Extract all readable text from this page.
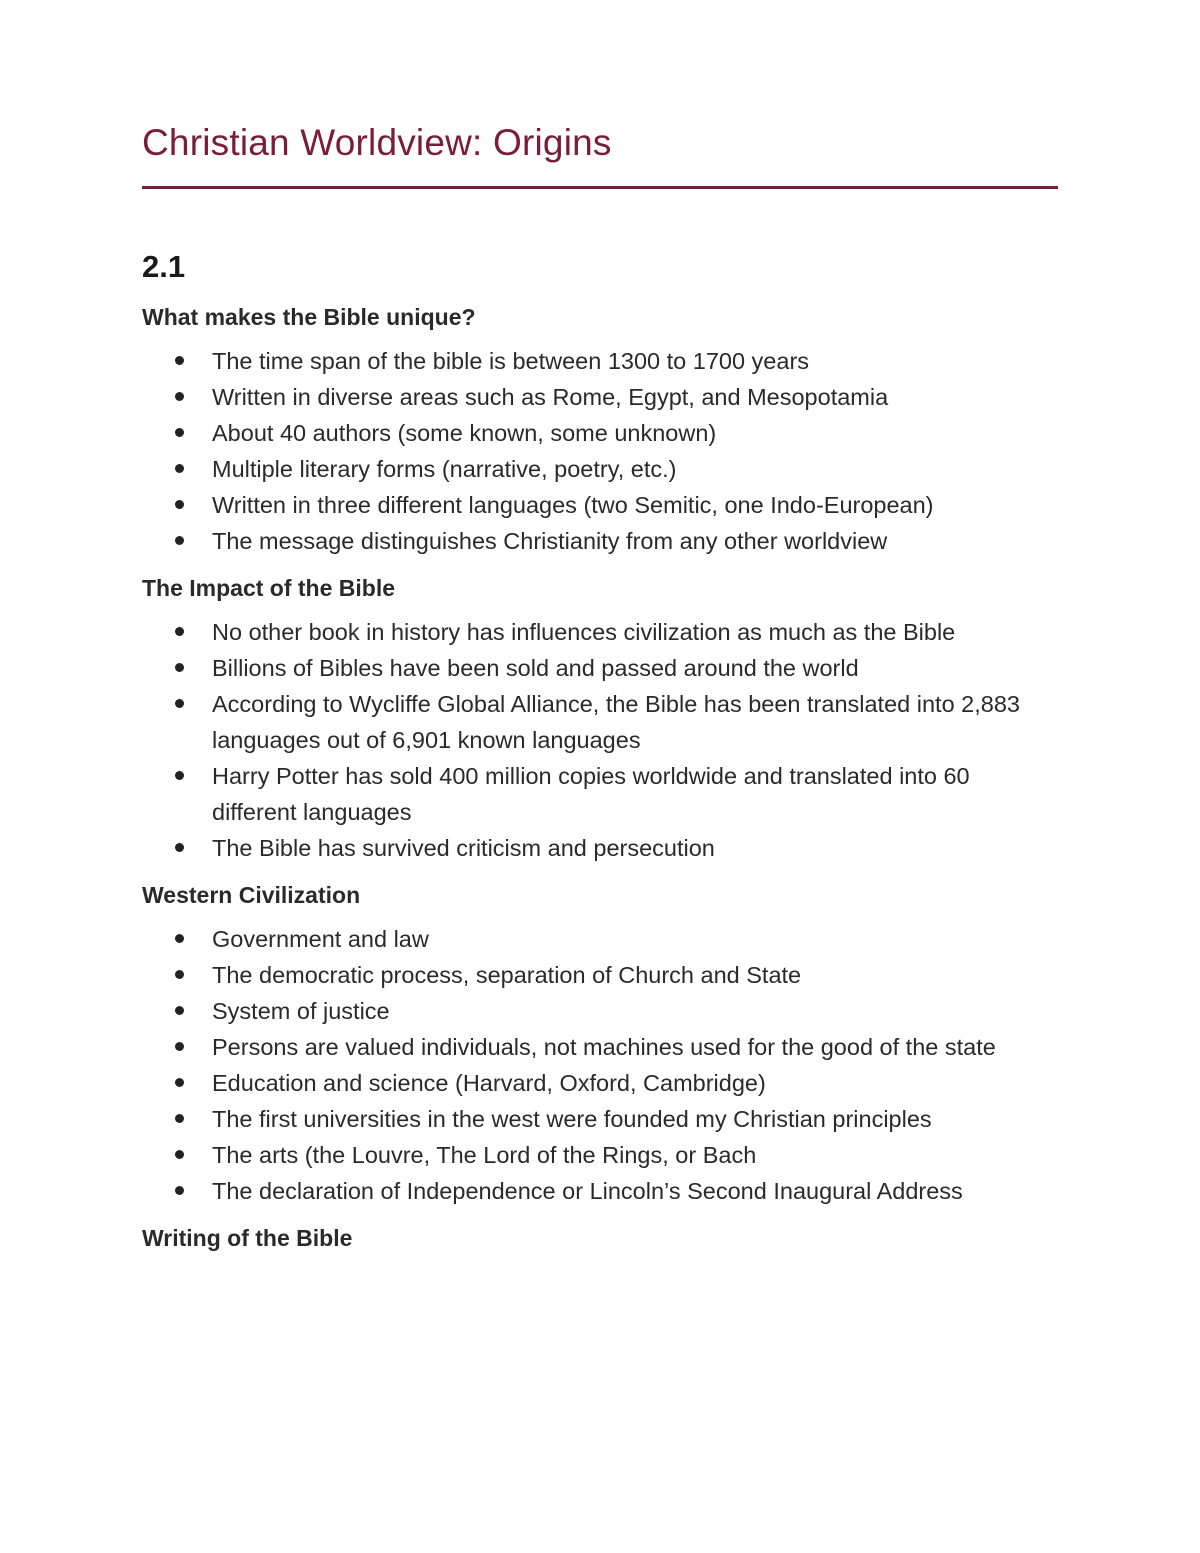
Christian Worldview: Origins
2.1
What makes the Bible unique?
The time span of the bible is between 1300 to 1700 years
Written in diverse areas such as Rome, Egypt, and Mesopotamia
About 40 authors (some known, some unknown)
Multiple literary forms (narrative, poetry, etc.)
Written in three different languages (two Semitic, one Indo-European)
The message distinguishes Christianity from any other worldview
The Impact of the Bible
No other book in history has influences civilization as much as the Bible
Billions of Bibles have been sold and passed around the world
According to Wycliffe Global Alliance, the Bible has been translated into 2,883 languages out of 6,901 known languages
Harry Potter has sold 400 million copies worldwide and translated into 60 different languages
The Bible has survived criticism and persecution
Western Civilization
Government and law
The democratic process, separation of Church and State
System of justice
Persons are valued individuals, not machines used for the good of the state
Education and science (Harvard, Oxford, Cambridge)
The first universities in the west were founded my Christian principles
The arts (the Louvre, The Lord of the Rings, or Bach
The declaration of Independence or Lincoln’s Second Inaugural Address
Writing of the Bible
